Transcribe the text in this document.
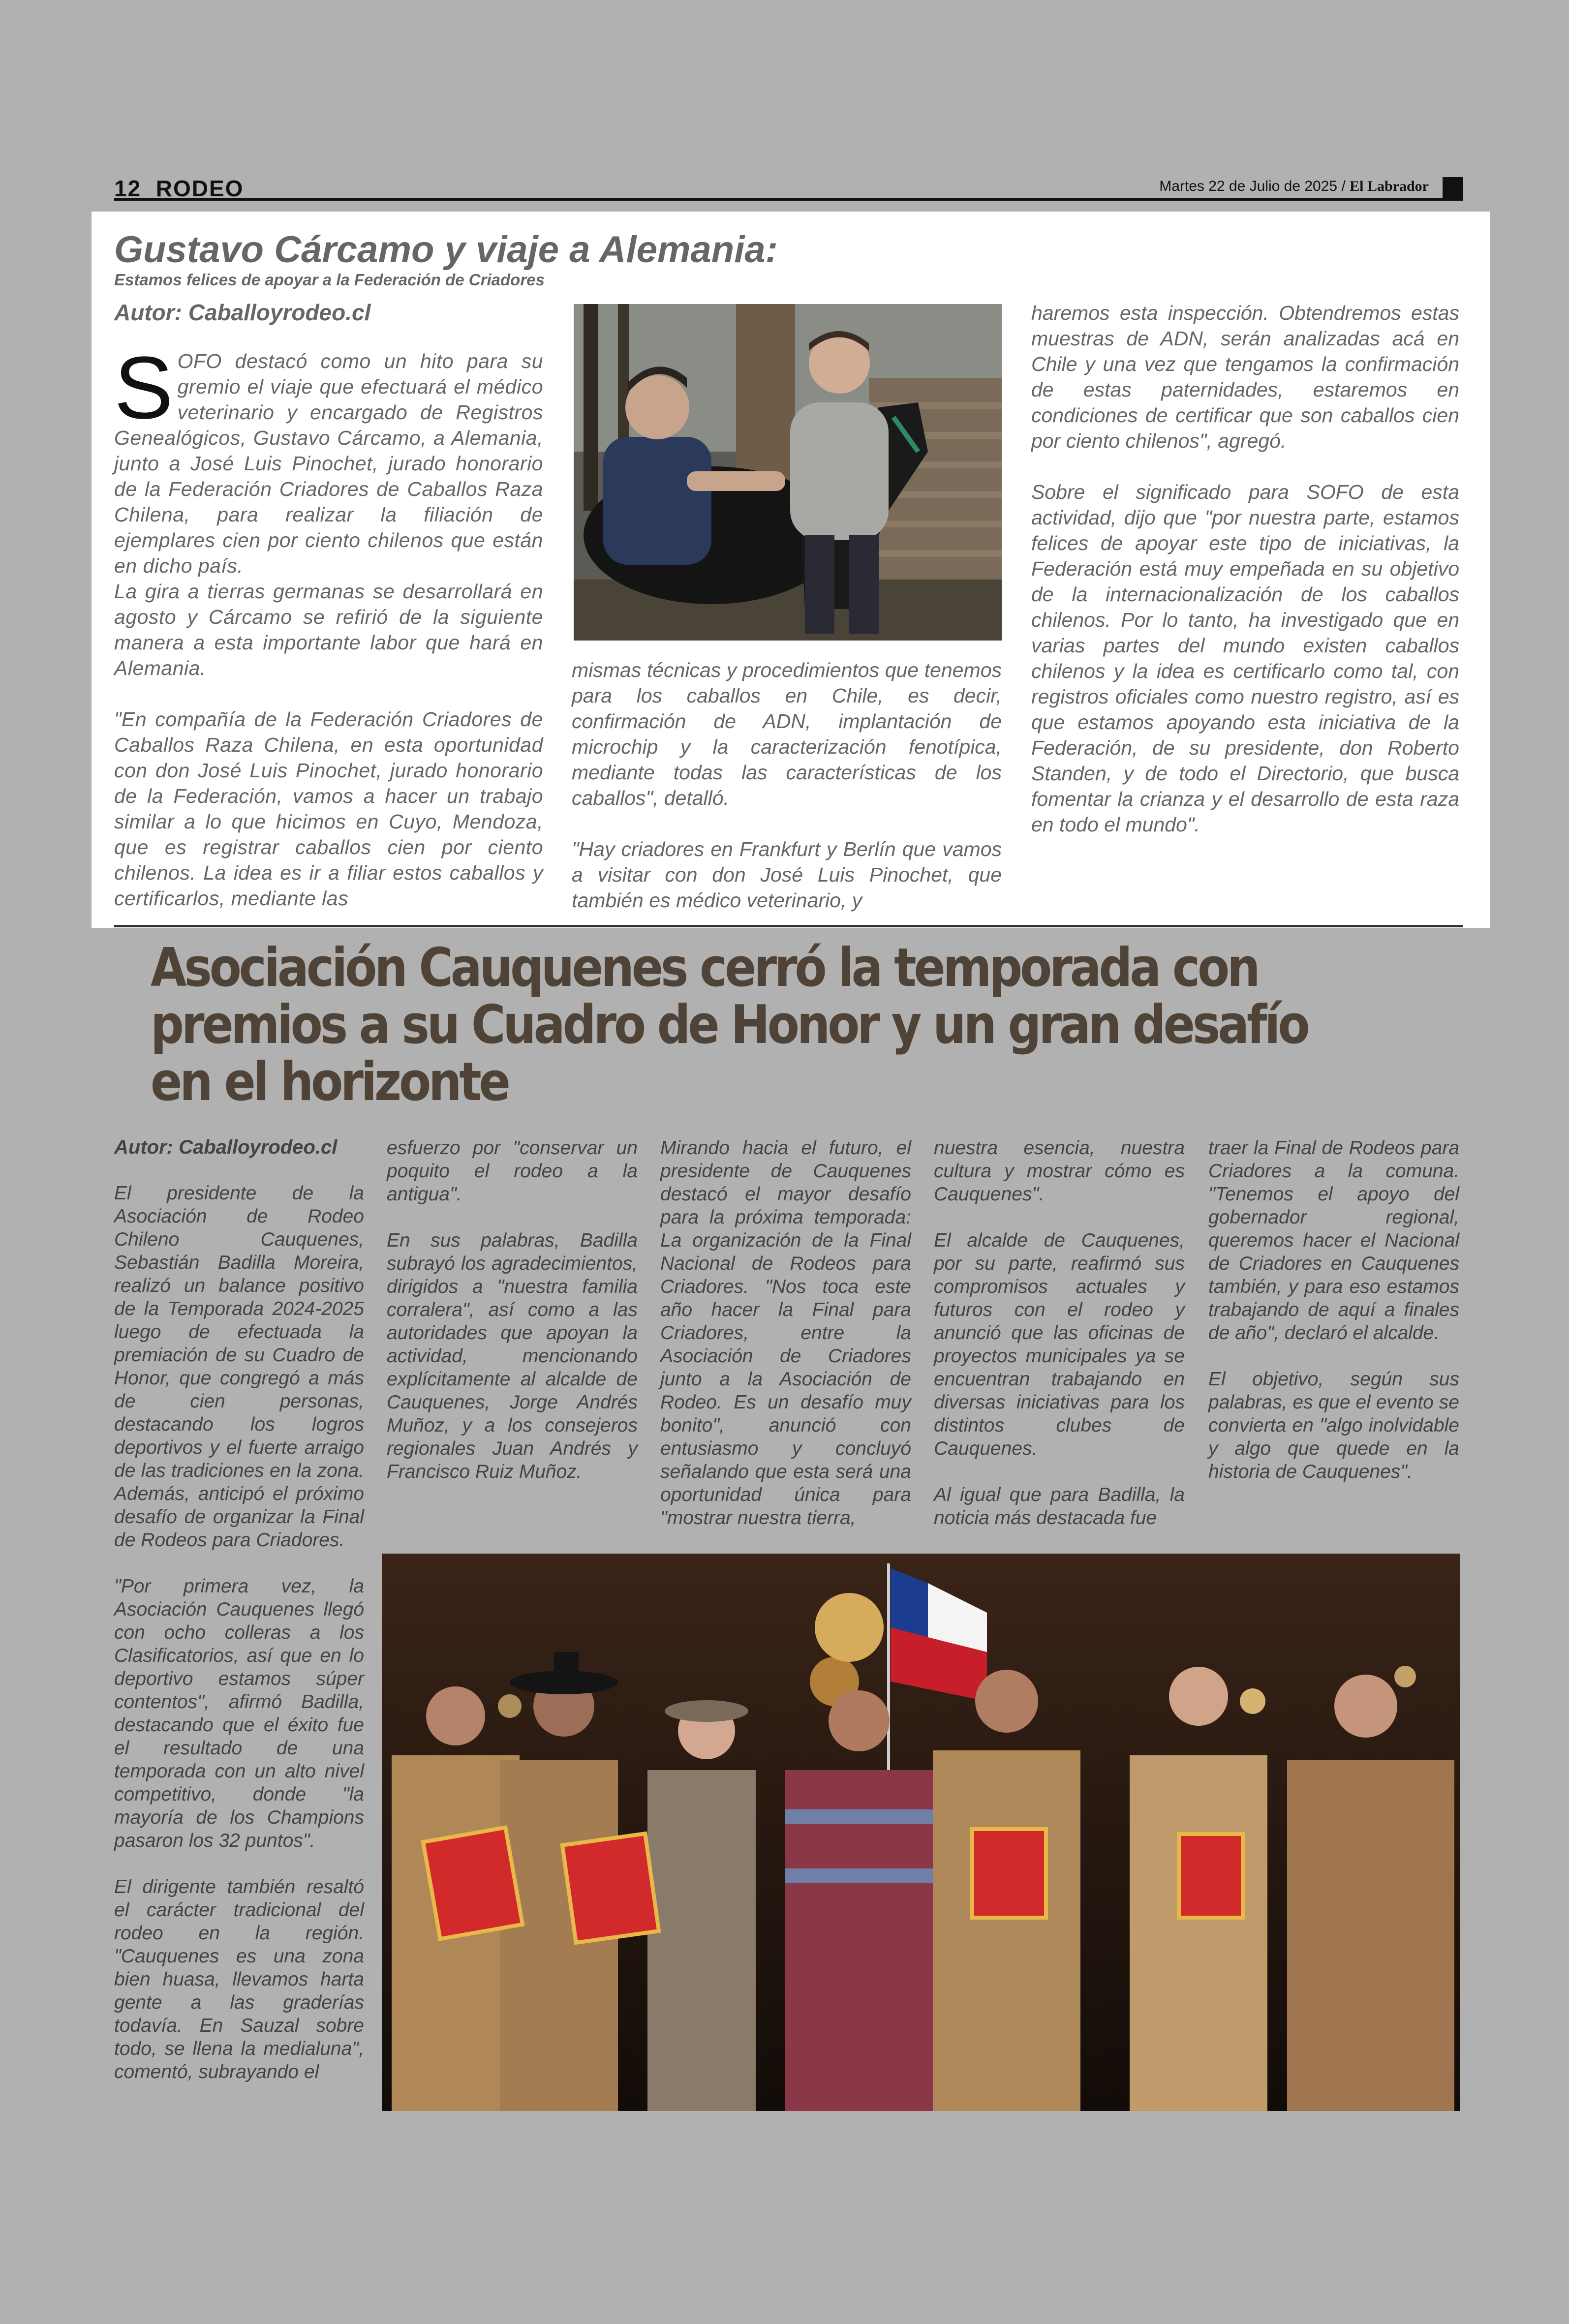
12  RODEO	Martes 22 de Julio de 2025 / El Labrador
Gustavo Cárcamo y viaje a Alemania:
Estamos felices de apoyar a la Federación de Criadores
Autor: Caballoyrodeo.cl
S OFO destacó como un hito para su gremio el viaje que efectuará el médico veterinario y encargado de Registros Genealógicos, Gustavo Cárcamo, a Alemania, junto a José Luis Pinochet, jurado honorario de la Federación Criadores de Caballos Raza Chilena, para realizar la filiación de ejemplares cien por ciento chilenos que están en dicho país.

La gira a tierras germanas se desarrollará en agosto y Cárcamo se refirió de la siguiente manera a esta importante labor que hará en Alemania.

"En compañía de la Federación Criadores de Caballos Raza Chilena, en esta oportunidad con don José Luis Pinochet, jurado honorario de la Federación, vamos a hacer un trabajo similar a lo que hicimos en Cuyo, Mendoza, que es registrar caballos cien por ciento chilenos. La idea es ir a filiar estos caballos y certificarlos, mediante las

mismas técnicas y procedimientos que tenemos para los caballos en Chile, es decir, confirmación de ADN, implantación de microchip y la caracterización fenotípica, mediante todas las características de los caballos", detalló.

"Hay criadores en Frankfurt y Berlín que vamos a visitar con don José Luis Pinochet, que también es médico veterinario, y

haremos esta inspección. Obtendremos estas muestras de ADN, serán analizadas acá en Chile y una vez que tengamos la confirmación de estas paternidades, estaremos en condiciones de certificar que son caballos cien por ciento chilenos", agregó.

Sobre el significado para SOFO de esta actividad, dijo que "por nuestra parte, estamos felices de apoyar este tipo de iniciativas, la Federación está muy empeñada en su objetivo de la internacionalización de los caballos chilenos. Por lo tanto, ha investigado que en varias partes del mundo existen caballos chilenos y la idea es certificarlo como tal, con registros oficiales como nuestro registro, así es que estamos apoyando esta iniciativa de la Federación, de su presidente, don Roberto Standen, y de todo el Directorio, que busca fomentar la crianza y el desarrollo de esta raza en todo el mundo".

Asociación Cauquenes cerró la temporada con
premios a su Cuadro de Honor y un gran desafío
en el horizonte
Autor: Caballoyrodeo.cl

El presidente de la Asociación de Rodeo Chileno Cauquenes, Sebastián Badilla Moreira, realizó un balance positivo de la Temporada 2024-2025 luego de efectuada la premiación de su Cuadro de Honor, que congregó a más de cien personas, destacando los logros deportivos y el fuerte arraigo de las tradiciones en la zona. Además, anticipó el próximo desafío de organizar la Final de Rodeos para Criadores.

"Por primera vez, la Asociación Cauquenes llegó con ocho colleras a los Clasificatorios, así que en lo deportivo estamos súper contentos", afirmó Badilla, destacando que el éxito fue el resultado de una temporada con un alto nivel competitivo, donde "la mayoría de los Champions pasaron los 32 puntos".

El dirigente también resaltó el carácter tradicional del rodeo en la región. "Cauquenes es una zona bien huasa, llevamos harta gente a las graderías todavía. En Sauzal sobre todo, se llena la medialuna", comentó, subrayando el

esfuerzo por "conservar un poquito el rodeo a la antigua".

En sus palabras, Badilla subrayó los agradecimientos, dirigidos a "nuestra familia corralera", así como a las autoridades que apoyan la actividad, mencionando explícitamente al alcalde de Cauquenes, Jorge Andrés Muñoz, y a los consejeros regionales Juan Andrés y Francisco Ruiz Muñoz.

Mirando hacia el futuro, el presidente de Cauquenes destacó el mayor desafío para la próxima temporada: La organización de la Final Nacional de Rodeos para Criadores. "Nos toca este año hacer la Final para Criadores, entre la Asociación de Criadores junto a la Asociación de Rodeo. Es un desafío muy bonito", anunció con entusiasmo y concluyó señalando que esta será una oportunidad única para "mostrar nuestra tierra,

nuestra esencia, nuestra cultura y mostrar cómo es Cauquenes".

El alcalde de Cauquenes, por su parte, reafirmó sus compromisos actuales y futuros con el rodeo y anunció que las oficinas de proyectos municipales ya se encuentran trabajando en diversas iniciativas para los distintos clubes de Cauquenes.

Al igual que para Badilla, la noticia más destacada fue

traer la Final de Rodeos para Criadores a la comuna. "Tenemos el apoyo del gobernador regional, queremos hacer el Nacional de Criadores en Cauquenes también, y para eso estamos trabajando de aquí a finales de año", declaró el alcalde.

El objetivo, según sus palabras, es que el evento se convierta en "algo inolvidable y algo que quede en la historia de Cauquenes".
